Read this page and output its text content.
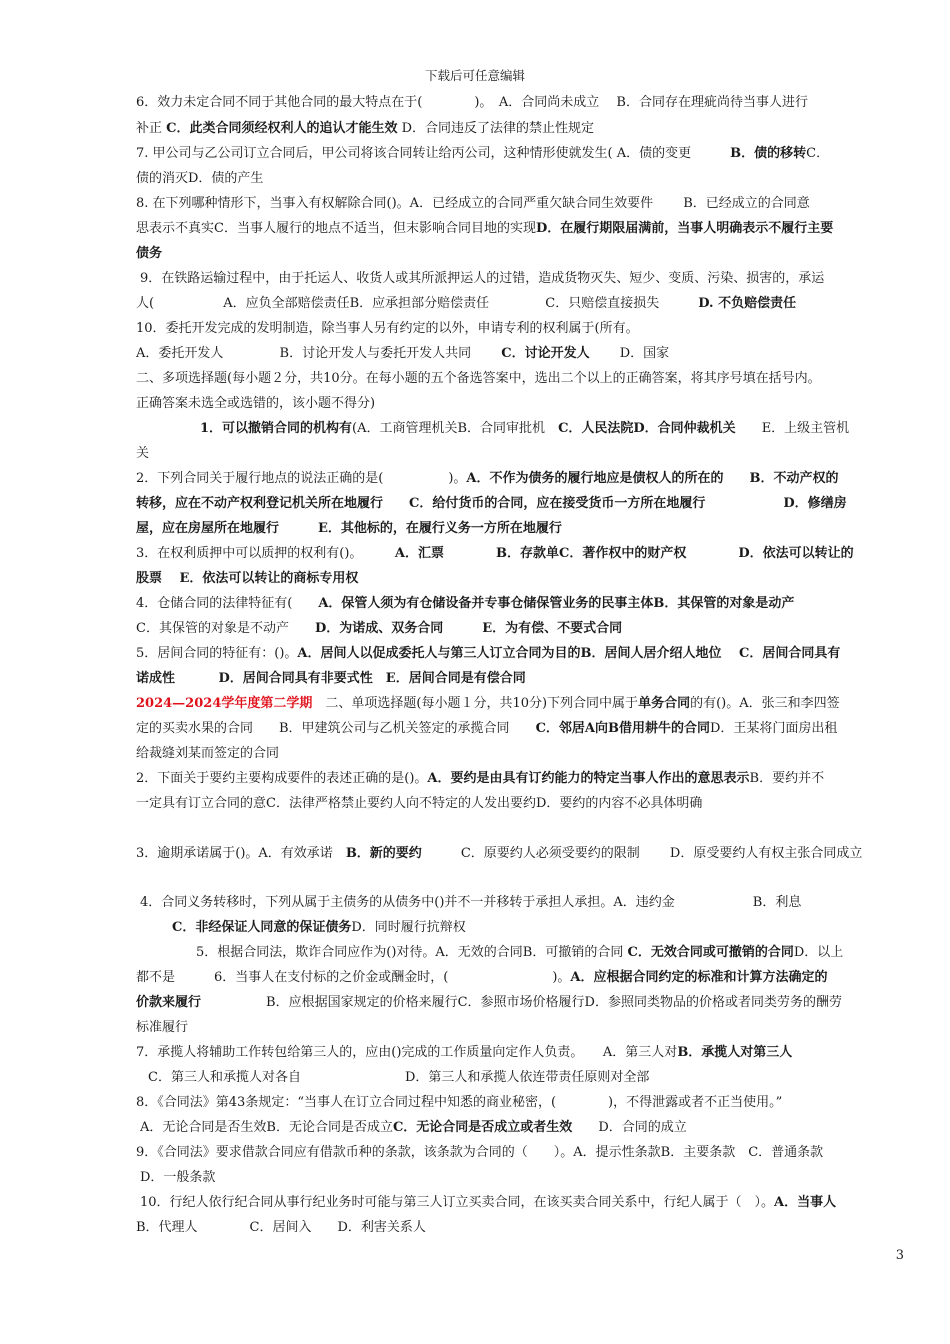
下载后可任意编辑
6．效力未定合同不同于其他合同的最大特点在于(　　　　)。　A．合同尚未成立　 B．合同存在理疵尚待当事人进行
补正 C．此类合同须经权利人的追认才能生效 D．合同违反了法律的禁止性规定
7. 甲公司与乙公司订立合同后，甲公司将该合同转让给丙公司，这种情形使就发生( A．债的变更　　　B．债的移转C．
债的消灭D．债的产生
8. 在下列哪种情形下，当事入有权解除合同()。A．已经成立的合同严重欠缺合同生效要件　　 B．已经成立的合同意
思表示不真实C．当事人履行的地点不适当，但末影响合同目地的实现D．在履行期限届满前，当事人明确表示不履行主要
债务
9．在铁路运输过程中，由于托运人、收货人或其所派押运人的过错，造成货物灭失、短少、变质、污染、损害的，承运
人(　　　　　 A．应负全部赔偿责任B．应承担部分赔偿责任　　　　 C．只赔偿直接损失　　　D. 不负赔偿责任
10．委托开发完成的发明制造，除当事人另有约定的以外，申请专利的权利属于(所有。
A．委托开发人　　　　 B．讨论开发人与委托开发人共同　　 C．讨论开发人　　 D．国家
二、多项选择题(每小题２分，共10分。在每小题的五个备选答案中，选出二个以上的正确答案，将其序号填在括号内。
正确答案未选全或选错的，该小题不得分)
1．可以撤销合同的机构有(A．工商管理机关B．合同审批机　C．人民法院D．合同仲裁机关　　E．上级主管机
关
2．下列合同关于履行地点的说法正确的是(　　　　　)。A．不作为债务的履行地应是债权人的所在的　　B．不动产权的
转移，应在不动产权利登记机关所在地履行　　C．给付货币的合同，应在接受货币一方所在地履行　　　　　　D．修缮房
屋，应在房屋所在地履行　　　E．其他标的，在履行义务一方所在地履行
3．在权利质押中可以质押的权利有()。　　　A．汇票　　　　B．存款单C．著作权中的财产权　　　　D．依法可以转让的
股票　 E．依法可以转让的商标专用权
4．仓储合同的法律特征有(　　A．保管人须为有仓储设备并专事仓储保管业务的民事主体B．其保管的对象是动产
C．其保管的对象是不动产　　D．为诺成、双务合同　　　E．为有偿、不要式合同
5．居间合同的特征有：()。A．居间人以促成委托人与第三人订立合同为目的B．居间人居介绍人地位　 C．居间合同具有
诺成性　　　 D．居间合同具有非要式性　E．居间合同是有偿合同
2024—2024学年度第二学期　二、单项选择题(每小题１分，共10分)下列合同中属于单务合同的有()。A．张三和李四签
定的买卖水果的合同　　B．甲建筑公司与乙机关签定的承揽合同　　C．邻居A向B借用耕牛的合同D．王某将门面房出租
给裁缝刘某而签定的合同
2．下面关于要约主要构成要件的表述正确的是()。A．要约是由具有订约能力的特定当事人作出的意思表示B．要约并不
一定具有订立合同的意C．法律严格禁止要约人向不特定的人发出要约D．要约的内容不必具体明确
3．逾期承诺属于()。A．有效承诺　B．新的要约　　　C．原要约人必须受要约的限制　　 D．原受要约人有权主张合同成立
4．合同义务转移时，下列从属于主债务的从债务中()并不一并移转于承担人承担。A．违约金　　　　　　B．利息
C．非经保证人同意的保证债务D．同时履行抗辩权
5．根据合同法，欺诈合同应作为()对待。A．无效的合同B．可撤销的合同 C．无效合同或可撤销的合同D．以上
都不是　　　6．当事人在支付标的之价金或酬金时，(　　　　　　　　)。A．应根据合同约定的标准和计算方法确定的
价款来履行　　　　　B．应根据国家规定的价格来履行C．参照市场价格履行D．参照同类物品的价格或者同类劳务的酬劳
标准履行
7．承揽人将辅助工作转包给第三人的，应由()完成的工作质量向定作人负责。　　A．第三人对B．承揽人对第三人
C．第三人和承揽人对各自　　　　　　　　D．第三人和承揽人依连带责任原则对全部
8．《合同法》第43条规定：“当事人在订立合同过程中知悉的商业秘密，(　　　　)，不得泄露或者不正当使用。”
A．无论合同是否生效B．无论合同是否成立C．无论合同是否成立或者生效　　D．合同的成立
9．《合同法》要求借款合同应有借款币种的条款，该条款为合同的（　　）。A．提示性条款B．主要条款　C．普通条款
D．一般条款
10．行纪人依行纪合同从事行纪业务时可能与第三人订立买卖合同，在该买卖合同关系中，行纪人属于（　）。A．当事人
B．代理人　　　　C．居间入　　D．利害关系人
3
